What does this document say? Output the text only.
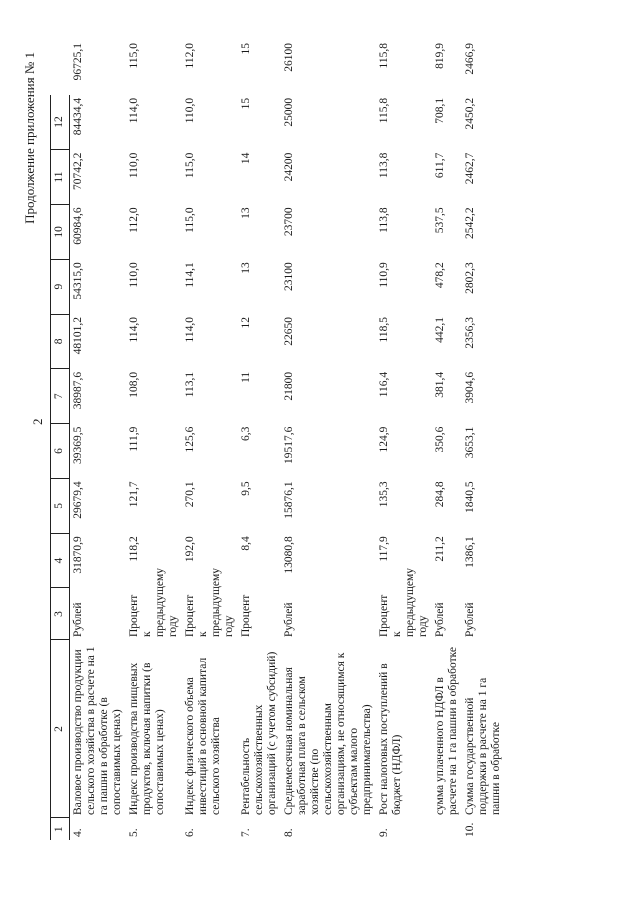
2
Продолжение приложения № 1
1	2	3	4	5	6	7	8	9	10	11	12	
4.	Валовое производство продукции сельского хозяйства в расчете на 1 га пашни в обработке (в сопоставимых ценах)	Рублей	31870,9	29679,4	39369,5	38987,6	48101,2	54315,0	60984,6	70742,2	84434,4	96725,1
5.	Индекс производства пищевых продуктов, включая напитки (в сопоставимых ценах)	Процент к предыдущему году	118,2	121,7	111,9	108,0	114,0	110,0	112,0	110,0	114,0	115,0
6.	Индекс физического объема инвестиций в основной капитал сельского хозяйства	Процент к предыдущему году	192,0	270,1	125,6	113,1	114,0	114,1	115,0	115,0	110,0	112,0
7.	Рентабельность сельскохозяйственных организаций (с учетом субсидий)	Процент	8,4	9,5	6,3	11	12	13	13	14	15	15
8.	Среднемесячная номинальная заработная плата в сельском хозяйстве (по сельскохозяйственным организациям, не относящимся к субъектам малого предпринимательства)	Рублей	13080,8	15876,1	19517,6	21800	22650	23100	23700	24200	25000	26100
9.	Рост налоговых поступлений в бюджет (НДФЛ)	Процент к предыдущему году	117,9	135,3	124,9	116,4	118,5	110,9	113,8	113,8	115,8	115,8
	сумма уплаченного НДФЛ в расчете на 1 га пашни в обработке	Рублей	211,2	284,8	350,6	381,4	442,1	478,2	537,5	611,7	708,1	819,9
10.	Сумма государственной поддержки в расчете на 1 га пашни в обработке	Рублей	1386,1	1840,5	3653,1	3904,6	2356,3	2802,3	2542,2	2462,7	2450,2	2466,9
